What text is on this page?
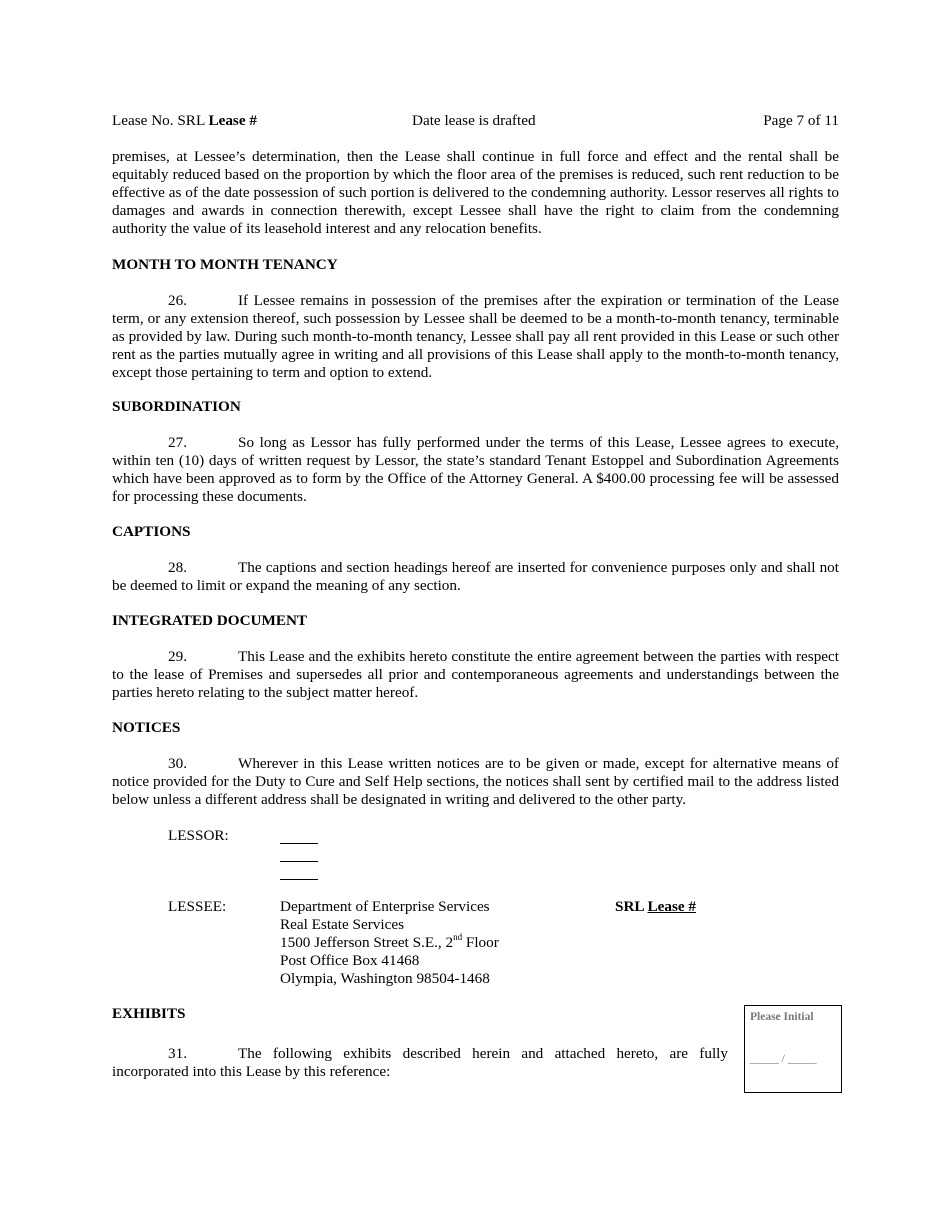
Lease No. SRL Lease #	Date lease is drafted	Page 7 of 11
premises, at Lessee’s determination, then the Lease shall continue in full force and effect and the rental shall be equitably reduced based on the proportion by which the floor area of the premises is reduced, such rent reduction to be effective as of the date possession of such portion is delivered to the condemning authority. Lessor reserves all rights to damages and awards in connection therewith, except Lessee shall have the right to claim from the condemning authority the value of its leasehold interest and any relocation benefits.
MONTH TO MONTH TENANCY
26.	If Lessee remains in possession of the premises after the expiration or termination of the Lease term, or any extension thereof, such possession by Lessee shall be deemed to be a month-to-month tenancy, terminable as provided by law. During such month-to-month tenancy, Lessee shall pay all rent provided in this Lease or such other rent as the parties mutually agree in writing and all provisions of this Lease shall apply to the month-to-month tenancy, except those pertaining to term and option to extend.
SUBORDINATION
27.	So long as Lessor has fully performed under the terms of this Lease, Lessee agrees to execute, within ten (10) days of written request by Lessor, the state’s standard Tenant Estoppel and Subordination Agreements which have been approved as to form by the Office of the Attorney General. A $400.00 processing fee will be assessed for processing these documents.
CAPTIONS
28.	The captions and section headings hereof are inserted for convenience purposes only and shall not be deemed to limit or expand the meaning of any section.
INTEGRATED DOCUMENT
29.	This Lease and the exhibits hereto constitute the entire agreement between the parties with respect to the lease of Premises and supersedes all prior and contemporaneous agreements and understandings between the parties hereto relating to the subject matter hereof.
NOTICES
30.	Wherever in this Lease written notices are to be given or made, except for alternative means of notice provided for the Duty to Cure and Self Help sections, the notices shall sent by certified mail to the address listed below unless a different address shall be designated in writing and delivered to the other party.
LESSOR:
LESSEE:	Department of Enterprise Services
Real Estate Services
1500 Jefferson Street S.E., 2nd Floor
Post Office Box 41468
Olympia, Washington 98504-1468
SRL Lease #
EXHIBITS
31.	The following exhibits described herein and attached hereto, are fully incorporated into this Lease by this reference:
Please Initial
_____ / _____
